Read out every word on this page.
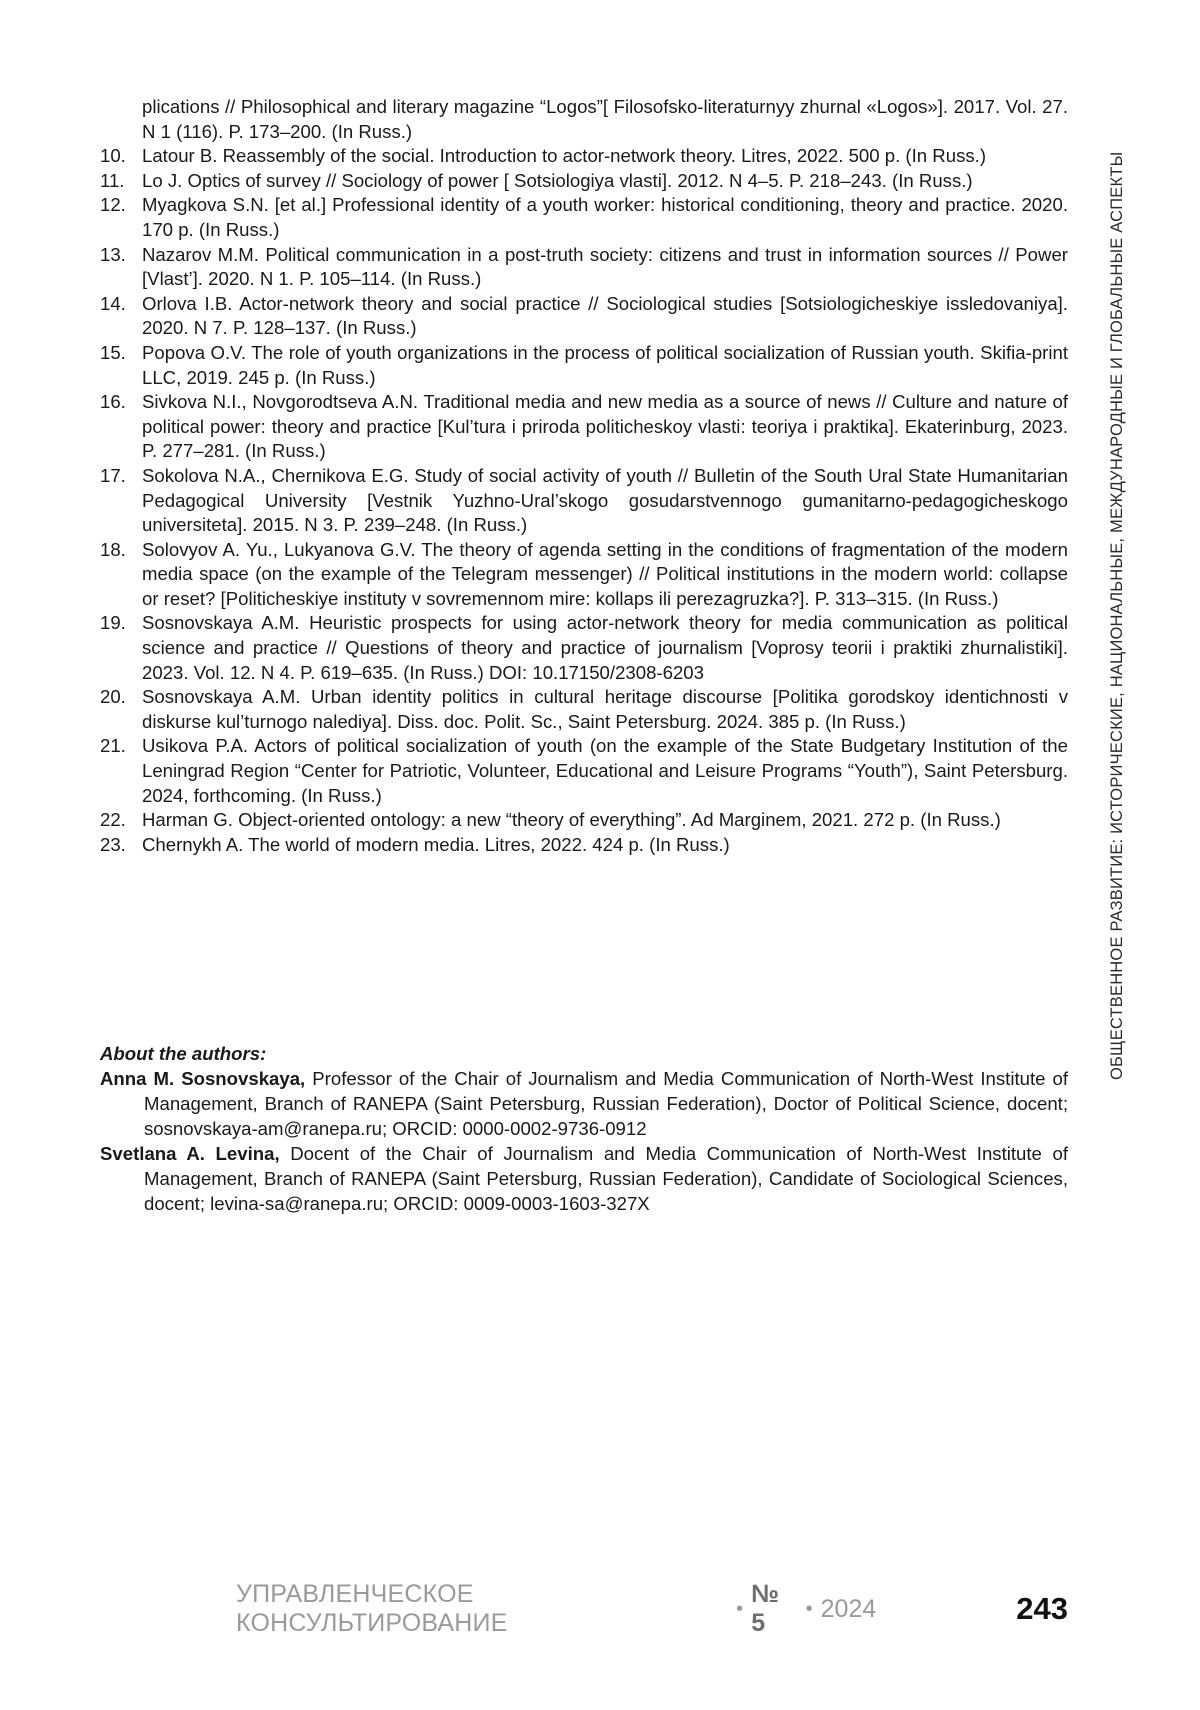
plications // Philosophical and literary magazine “Logos”[ Filosofsko-literaturnyy zhurnal «Logos»]. 2017. Vol. 27. N 1 (116). P. 173–200. (In Russ.)
10. Latour B. Reassembly of the social. Introduction to actor-network theory. Litres, 2022. 500 p. (In Russ.)
11. Lo J. Optics of survey // Sociology of power [ Sotsiologiya vlasti]. 2012. N 4–5. P. 218–243. (In Russ.)
12. Myagkova S.N. [et al.] Professional identity of a youth worker: historical conditioning, theory and practice. 2020. 170 p. (In Russ.)
13. Nazarov M.M. Political communication in a post-truth society: citizens and trust in information sources // Power [Vlast’]. 2020. N 1. P. 105–114. (In Russ.)
14. Orlova I.B. Actor-network theory and social practice // Sociological studies [Sotsiologicheskiye issledovaniya]. 2020. N 7. P. 128–137. (In Russ.)
15. Popova O.V. The role of youth organizations in the process of political socialization of Russian youth. Skifia-print LLC, 2019. 245 p. (In Russ.)
16. Sivkova N.I., Novgorodtseva A.N. Traditional media and new media as a source of news // Culture and nature of political power: theory and practice [Kul’tura i priroda politicheskoy vlasti: teoriya i praktika]. Ekaterinburg, 2023. P. 277–281. (In Russ.)
17. Sokolova N.A., Chernikova E.G. Study of social activity of youth // Bulletin of the South Ural State Humanitarian Pedagogical University [Vestnik Yuzhno-Ural’skogo gosudarstvennogo gumanitarno-pedagogicheskogo universiteta]. 2015. N 3. P. 239–248. (In Russ.)
18. Solovyov A. Yu., Lukyanova G.V. The theory of agenda setting in the conditions of fragmentation of the modern media space (on the example of the Telegram messenger) // Political institutions in the modern world: collapse or reset? [Politicheskiye instituty v sovremennom mire: kollaps ili perezagruzka?]. P. 313–315. (In Russ.)
19. Sosnovskaya A.M. Heuristic prospects for using actor-network theory for media communication as political science and practice // Questions of theory and practice of journalism [Voprosy teorii i praktiki zhurnalistiki]. 2023. Vol. 12. N 4. P. 619–635. (In Russ.) DOI: 10.17150/2308-6203
20. Sosnovskaya A.M. Urban identity politics in cultural heritage discourse [Politika gorodskoy identichnosti v diskurse kul’turnogo nalediya]. Diss. doc. Polit. Sc., Saint Petersburg. 2024. 385 p. (In Russ.)
21. Usikova P.A. Actors of political socialization of youth (on the example of the State Budgetary Institution of the Leningrad Region “Center for Patriotic, Volunteer, Educational and Leisure Programs “Youth”), Saint Petersburg. 2024, forthcoming. (In Russ.)
22. Harman G. Object-oriented ontology: a new “theory of everything”. Ad Marginem, 2021. 272 p. (In Russ.)
23. Chernykh A. The world of modern media. Litres, 2022. 424 p. (In Russ.)
About the authors:
Anna M. Sosnovskaya, Professor of the Chair of Journalism and Media Communication of North-West Institute of Management, Branch of RANEPA (Saint Petersburg, Russian Federation), Doctor of Political Science, docent; sosnovskaya-am@ranepa.ru; ORCID: 0000-0002-9736-0912
Svetlana A. Levina, Docent of the Chair of Journalism and Media Communication of North-West Institute of Management, Branch of RANEPA (Saint Petersburg, Russian Federation), Candidate of Sociological Sciences, docent; levina-sa@ranepa.ru; ORCID: 0009-0003-1603-327X
ОБЩЕСТВЕННОЕ РАЗВИТИЕ: ИСТОРИЧЕСКИЕ, НАЦИОНАЛЬНЫЕ, МЕЖДУНАРОДНЫЕ И ГЛОБАЛЬНЫЕ АСПЕКТЫ
УПРАВЛЕНЧЕСКОЕ КОНСУЛЬТИРОВАНИЕ
•
№ 5
• 2024	243
